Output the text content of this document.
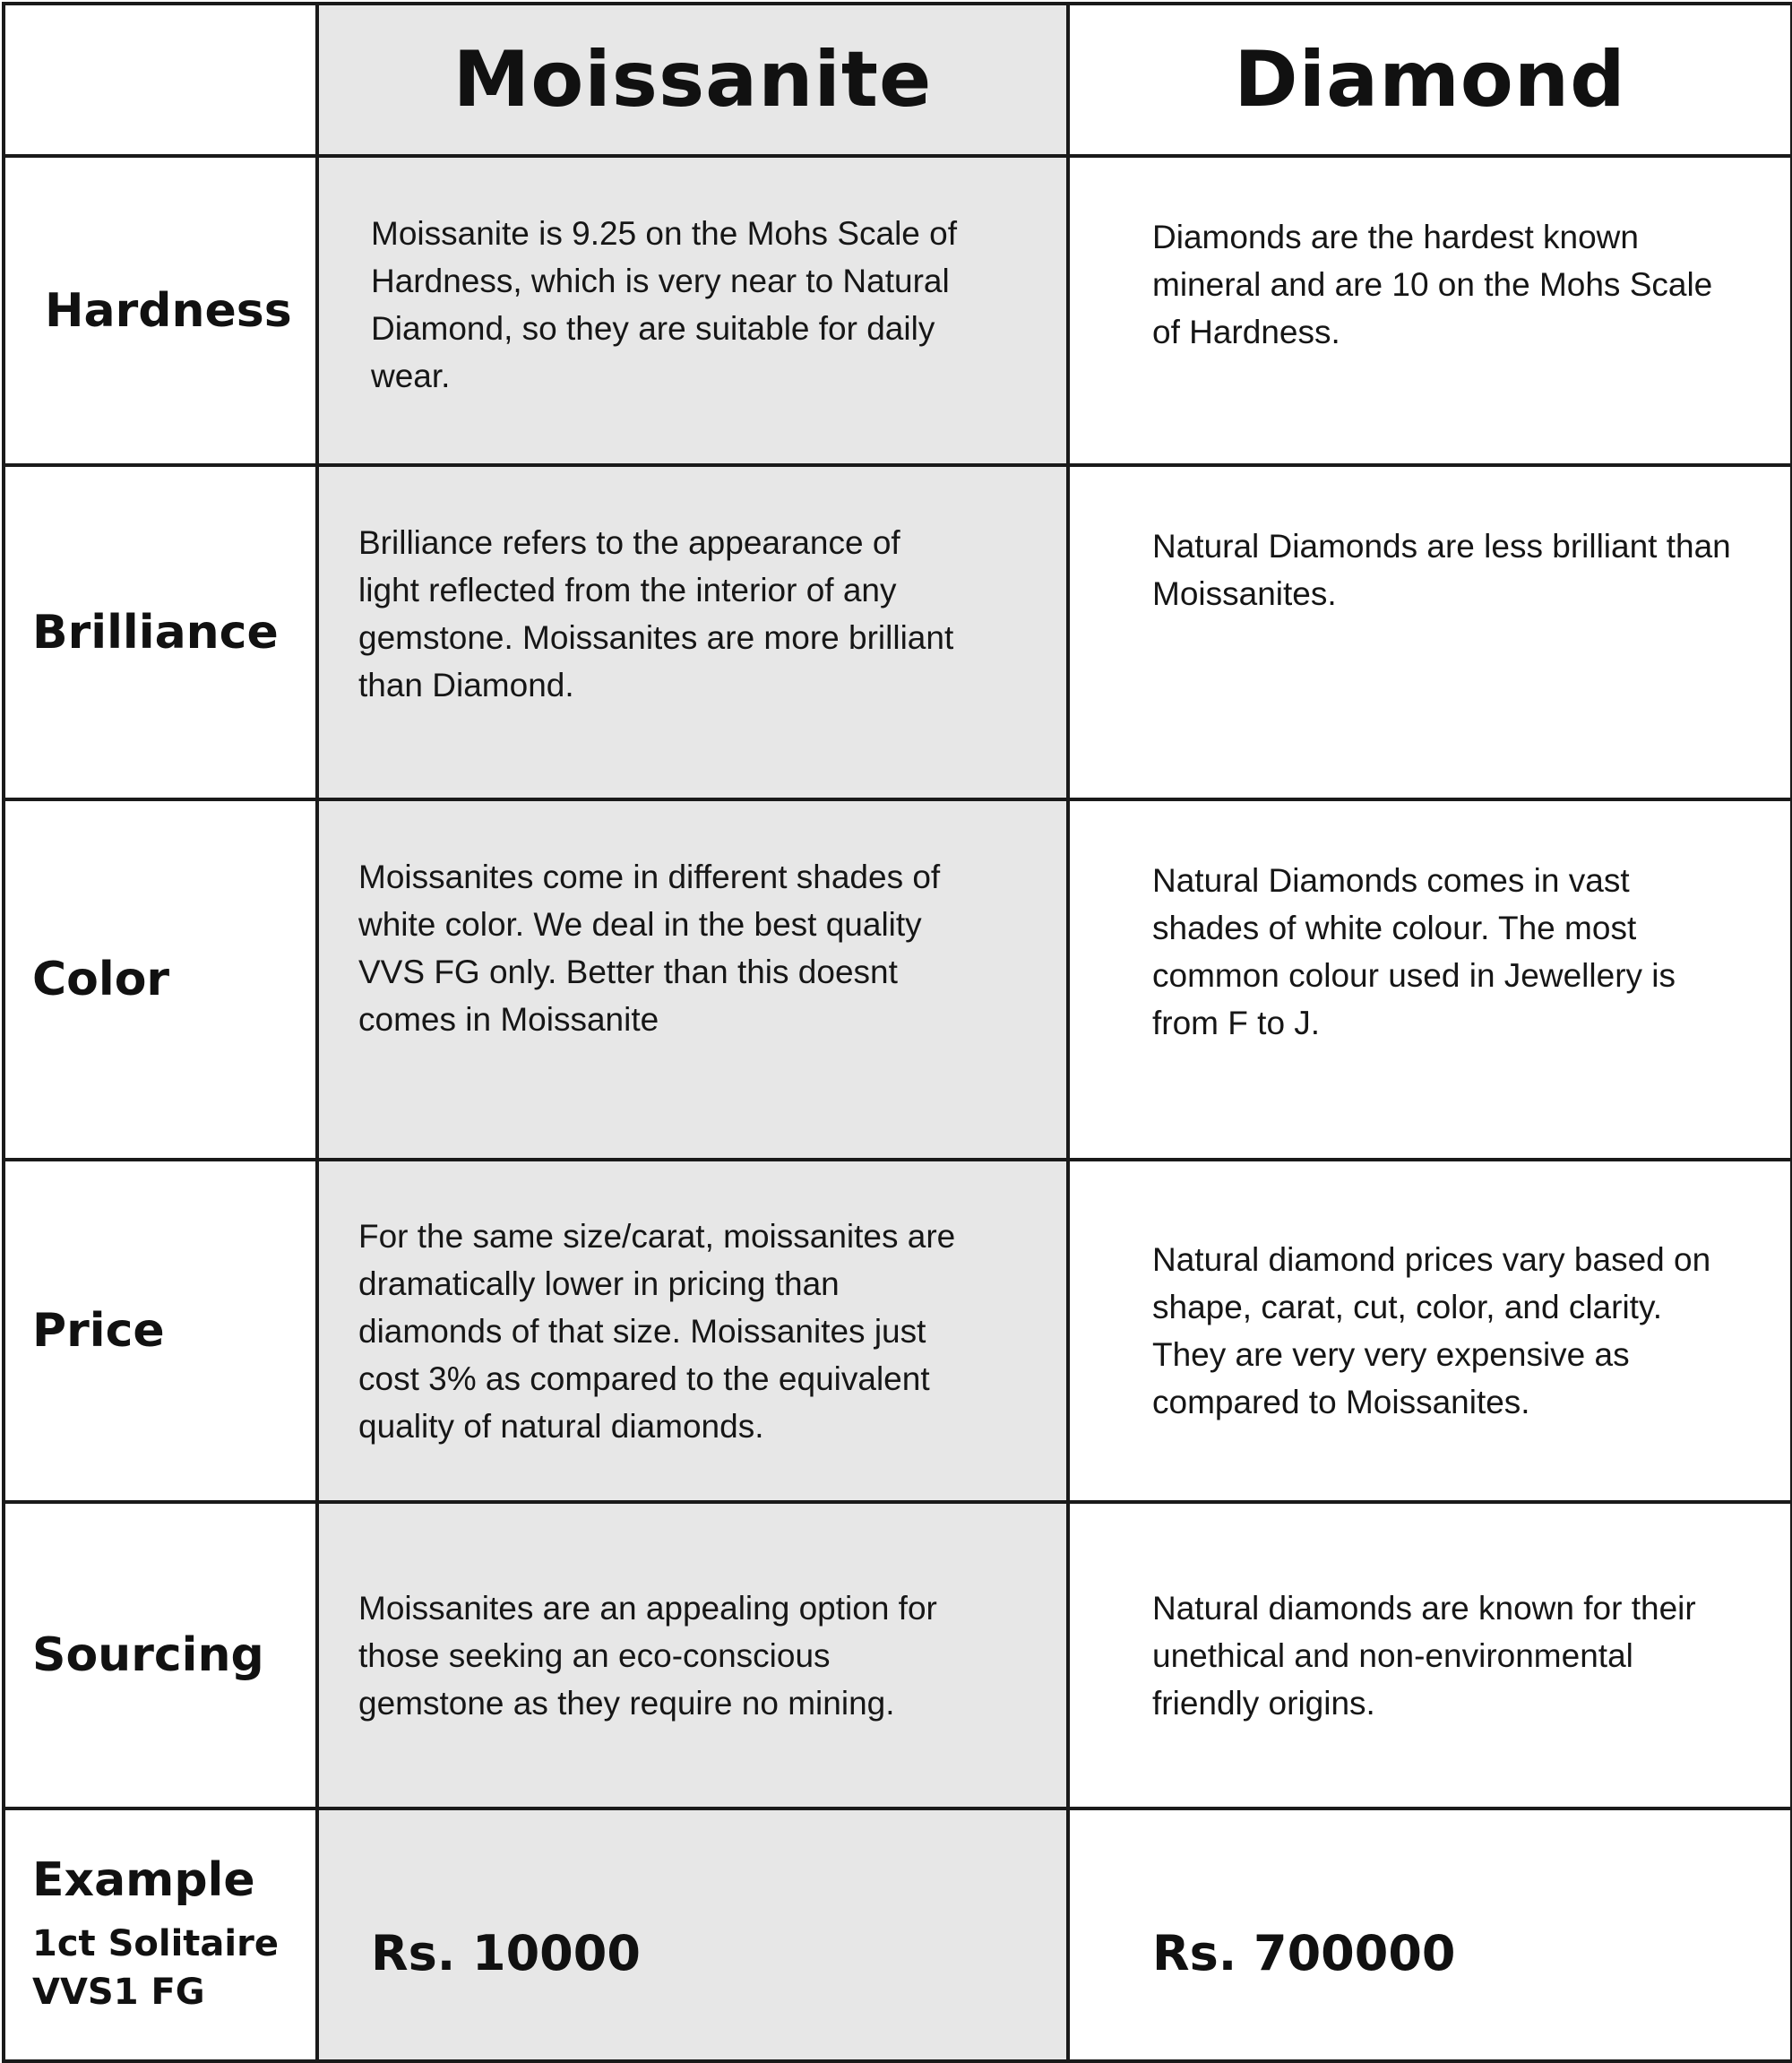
	Moissanite	Diamond
Hardness	Moissanite is 9.25 on the Mohs Scale of Hardness, which is very near to Natural Diamond, so they are suitable for daily wear.	Diamonds are the hardest known mineral and are 10 on the Mohs Scale of Hardness.

Brilliance	Brilliance refers to the appearance of light reflected from the interior of any gemstone. Moissanites are more brilliant than Diamond.	Natural Diamonds are less brilliant than Moissanites.

Color	Moissanites come in different shades of white color. We deal in the best quality VVS FG only. Better than this doesnt comes in Moissanite	Natural Diamonds comes in vast shades of white colour. The most common colour used in Jewellery is from F to J.

Price	For the same size/carat, moissanites are dramatically lower in pricing than diamonds of that size. Moissanites just cost 3% as compared to the equivalent quality of natural diamonds.	Natural diamond prices vary based on shape, carat, cut, color, and clarity. They are very very expensive as compared to Moissanites.

Sourcing	Moissanites are an appealing option for those seeking an eco-conscious gemstone as they require no mining.	Natural diamonds are known for their unethical and non-environmental friendly origins.

Example
1ct Solitaire
VVS1 FG	Rs. 10000	Rs. 700000
